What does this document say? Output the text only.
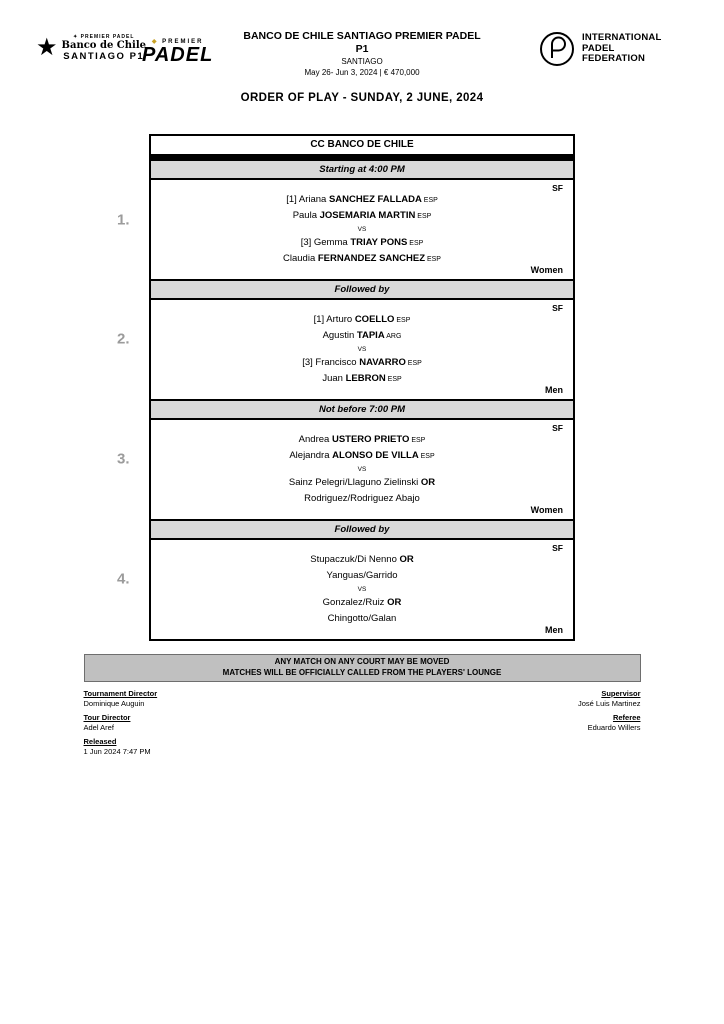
★	✦ PREMIER PADEL
Banco de Chile
SANTIAGO P1
◆ PREMIER
PADEL
BANCO DE CHILE SANTIAGO PREMIER PADEL
P1
SANTIAGO
May 26- Jun 3, 2024 | € 470,000
INTERNATIONAL
PADEL
FEDERATION
ORDER OF PLAY - SUNDAY, 2 JUNE, 2024
CC BANCO DE CHILE
1.
Starting at 4:00 PM
SF
[1] Ariana SANCHEZ FALLADA ESP
Paula JOSEMARIA MARTIN ESP
VS
[3] Gemma TRIAY PONS ESP
Claudia FERNANDEZ SANCHEZ ESP
Women
2.
Followed by
SF
[1] Arturo COELLO ESP
Agustin TAPIA ARG
VS
[3] Francisco NAVARRO ESP
Juan LEBRON ESP
Men
3.
Not before 7:00 PM
SF
Andrea USTERO PRIETO ESP
Alejandra ALONSO DE VILLA ESP
VS
Sainz Pelegri/Llaguno Zielinski OR
Rodriguez/Rodriguez Abajo
Women
4.
Followed by
SF
Stupaczuk/Di Nenno OR
Yanguas/Garrido
VS
Gonzalez/Ruiz OR
Chingotto/Galan
Men
ANY MATCH ON ANY COURT MAY BE MOVED
MATCHES WILL BE OFFICIALLY CALLED FROM THE PLAYERS' LOUNGE
Tournament Director
Dominique Auguin
Tour Director
Adel Aref
Released
1 Jun 2024 7:47 PM
Supervisor
José Luis Martinez
Referee
Eduardo Willers
